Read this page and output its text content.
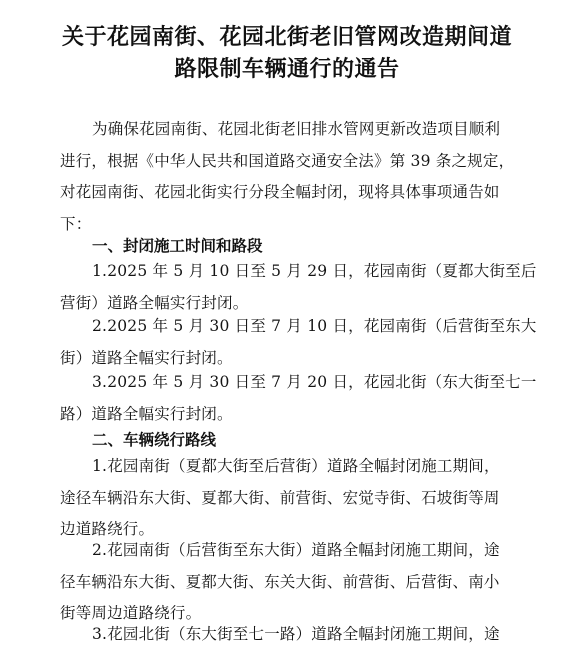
关于花园南街、花园北街老旧管网改造期间道
路限制车辆通行的通告

为确保花园南街、花园北街老旧排水管网更新改造项目顺利
进行，根据《中华人民共和国道路交通安全法》第 39 条之规定，
对花园南街、花园北街实行分段全幅封闭，现将具体事项通告如
下：

一、封闭施工时间和路段

1.2025 年 5 月 10 日至 5 月 29 日，花园南街（夏都大街至后
营街）道路全幅实行封闭。

2.2025 年 5 月 30 日至 7 月 10 日，花园南街（后营街至东大
街）道路全幅实行封闭。

3.2025 年 5 月 30 日至 7 月 20 日，花园北街（东大街至七一
路）道路全幅实行封闭。

二、车辆绕行路线

1.花园南街（夏都大街至后营街）道路全幅封闭施工期间，
途径车辆沿东大街、夏都大街、前营街、宏觉寺街、石坡街等周
边道路绕行。

2.花园南街（后营街至东大街）道路全幅封闭施工期间，途
径车辆沿东大街、夏都大街、东关大街、前营街、后营街、南小
街等周边道路绕行。

3.花园北街（东大街至七一路）道路全幅封闭施工期间，途
